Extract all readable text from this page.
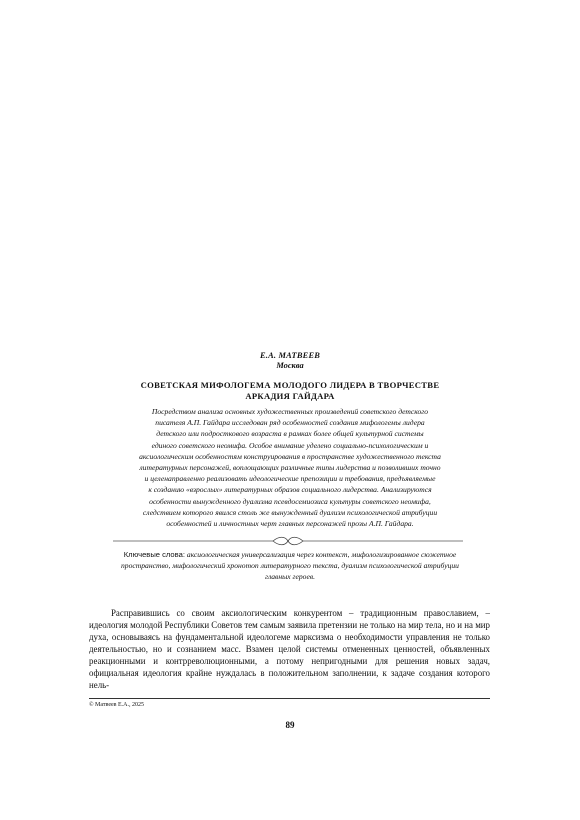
Е.А. МАТВЕЕВ
Москва
СОВЕТСКАЯ МИФОЛОГЕМА МОЛОДОГО ЛИДЕРА В ТВОРЧЕСТВЕ
АРКАДИЯ ГАЙДАРА
Посредством анализа основных художественных произведений советского детского
писателя А.П. Гайдара исследован ряд особенностей создания мифологемы лидера
детского или подросткового возраста в рамках более общей культурной системы
единого советского неомифа. Особое внимание уделено социально-психологическим и
аксиологическим особенностям конструирования в пространстве художественного текста
литературных персонажей, воплощающих различные типы лидерства и позволивших точно
и целенаправленно реализовать идеологические препозиции и требования, предъявляемые
к созданию «взрослых» литературных образов социального лидерства. Анализируются
особенности вынужденного дуализма псевдосемиозиса культуры советского неомифа,
следствием которого явился столь же вынужденный дуализм психологической атрибуции
особенностей и личностных черт главных персонажей прозы А.П. Гайдара.
Ключевые слова: аксиологическая универсализация через контекст, мифологизированное сюжетное пространство, мифологический хронотоп литературного текста, дуализм психологической атрибуции главных героев.
Расправившись со своим аксиологическим конкурентом – традиционным православием, – идеология молодой Республики Советов тем самым заявила претензии не только на мир тела, но и на мир духа, основываясь на фундаментальной идеологеме марксизма о необходимости управления не только деятельностью, но и сознанием масс. Взамен целой системы отмененных ценностей, объявленных реакционными и контрреволюционными, а потому непригодными для решения новых задач, официальная идеология крайне нуждалась в положительном заполнении, к задаче создания которого нель-
© Матвеев Е.А., 2025
89
